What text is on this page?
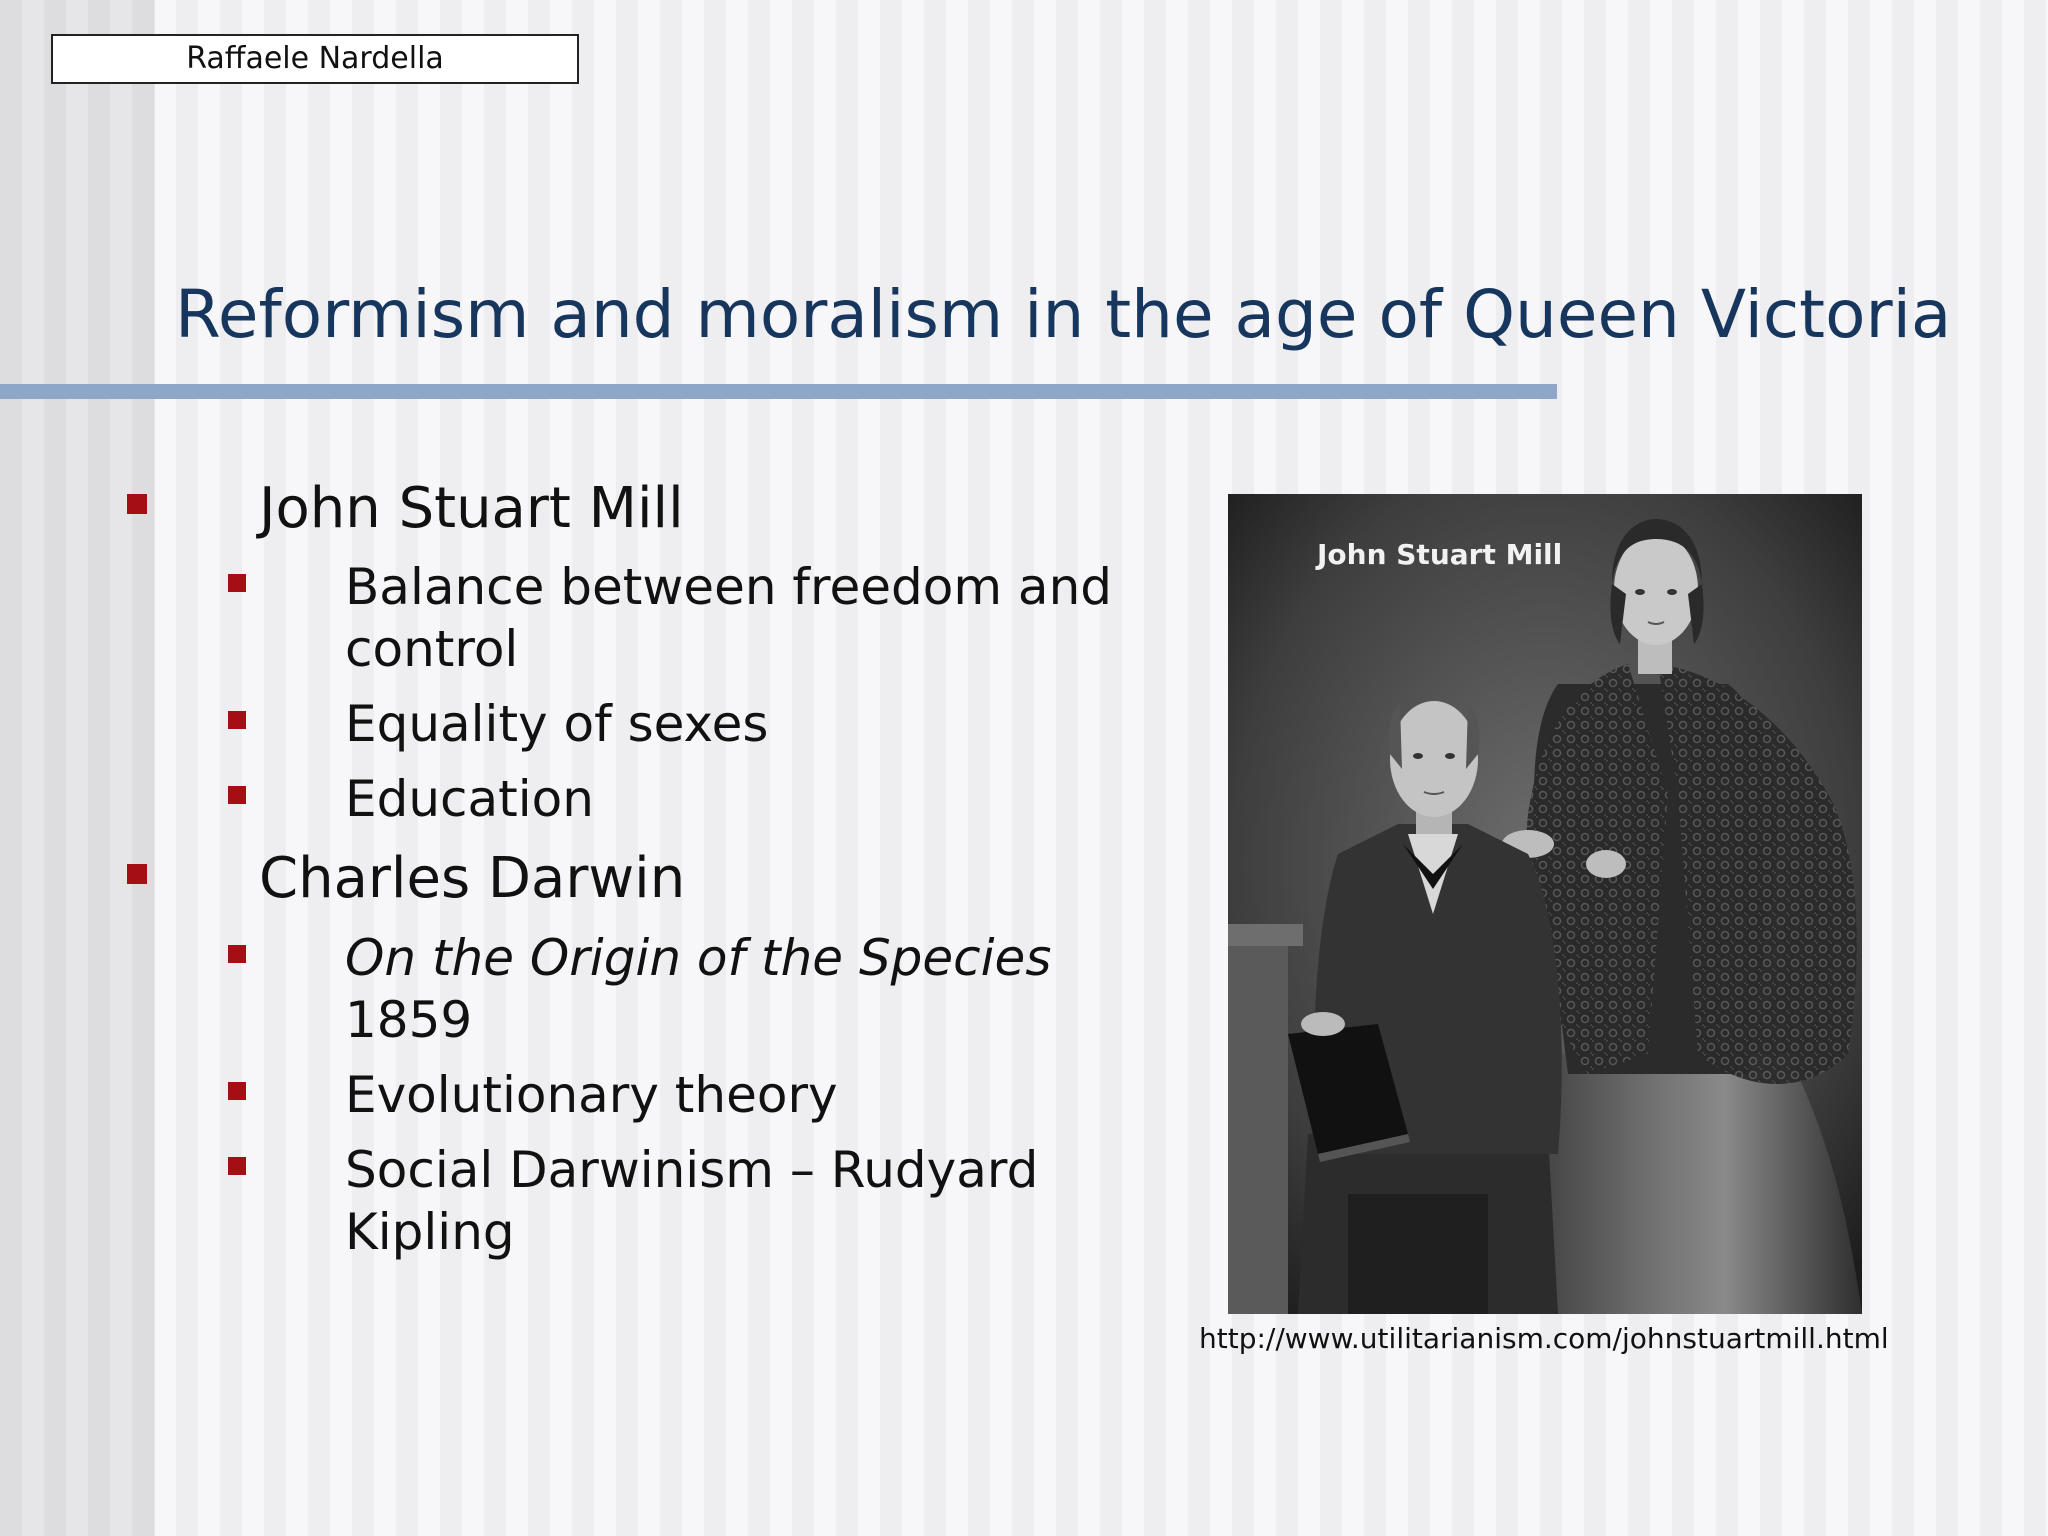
Raffaele Nardella
Reformism and moralism in the age of Queen Victoria
John Stuart Mill
Balance between freedom and
control
Equality of sexes
Education
Charles Darwin
On the Origin of the Species
1859
Evolutionary theory
Social Darwinism – Rudyard
Kipling
John Stuart Mill
http://www.utilitarianism.com/johnstuartmill.html
